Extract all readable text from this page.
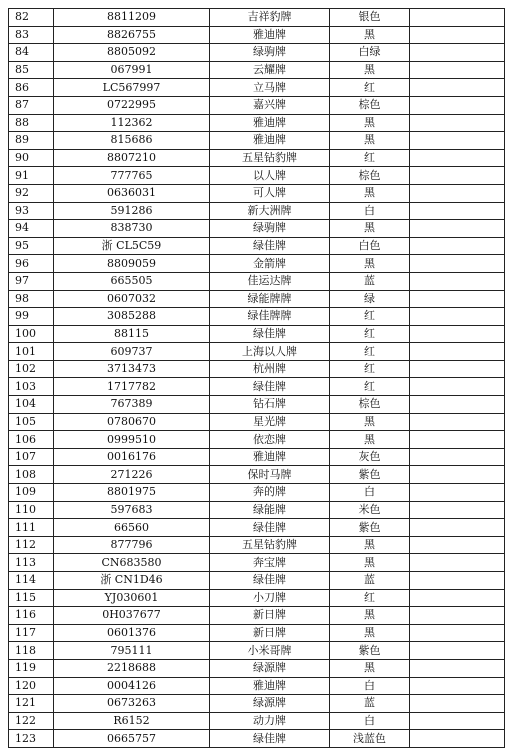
82	8811209	吉祥豹牌	银色	
83	8826755	雅迪牌	黑	
84	8805092	绿驹牌	白绿	
85	067991	云耀牌	黑	
86	LC567997	立马牌	红	
87	0722995	嘉兴牌	棕色	
88	112362	雅迪牌	黑	
89	815686	雅迪牌	黑	
90	8807210	五星钻豹牌	红	
91	777765	以人牌	棕色	
92	0636031	可人牌	黑	
93	591286	新大洲牌	白	
94	838730	绿驹牌	黑	
95	浙 CL5C59	绿佳牌	白色	
96	8809059	金箭牌	黑	
97	665505	佳运达牌	蓝	
98	0607032	绿能牌牌	绿	
99	3085288	绿佳牌牌	红	
100	88115	绿佳牌	红	
101	609737	上海以人牌	红	
102	3713473	杭州牌	红	
103	1717782	绿佳牌	红	
104	767389	钻石牌	棕色	
105	0780670	星光牌	黑	
106	0999510	依恋牌	黑	
107	0016176	雅迪牌	灰色	
108	271226	保时马牌	紫色	
109	8801975	奔的牌	白	
110	597683	绿能牌	米色	
111	66560	绿佳牌	紫色	
112	877796	五星钻豹牌	黑	
113	CN683580	奔宝牌	黑	
114	浙 CN1D46	绿佳牌	蓝	
115	YJ030601	小刀牌	红	
116	0H037677	新日牌	黑	
117	0601376	新日牌	黑	
118	795111	小米哥牌	紫色	
119	2218688	绿源牌	黑	
120	0004126	雅迪牌	白	
121	0673263	绿源牌	蓝	
122	R6152	动力牌	白	
123	0665757	绿佳牌	浅蓝色	
